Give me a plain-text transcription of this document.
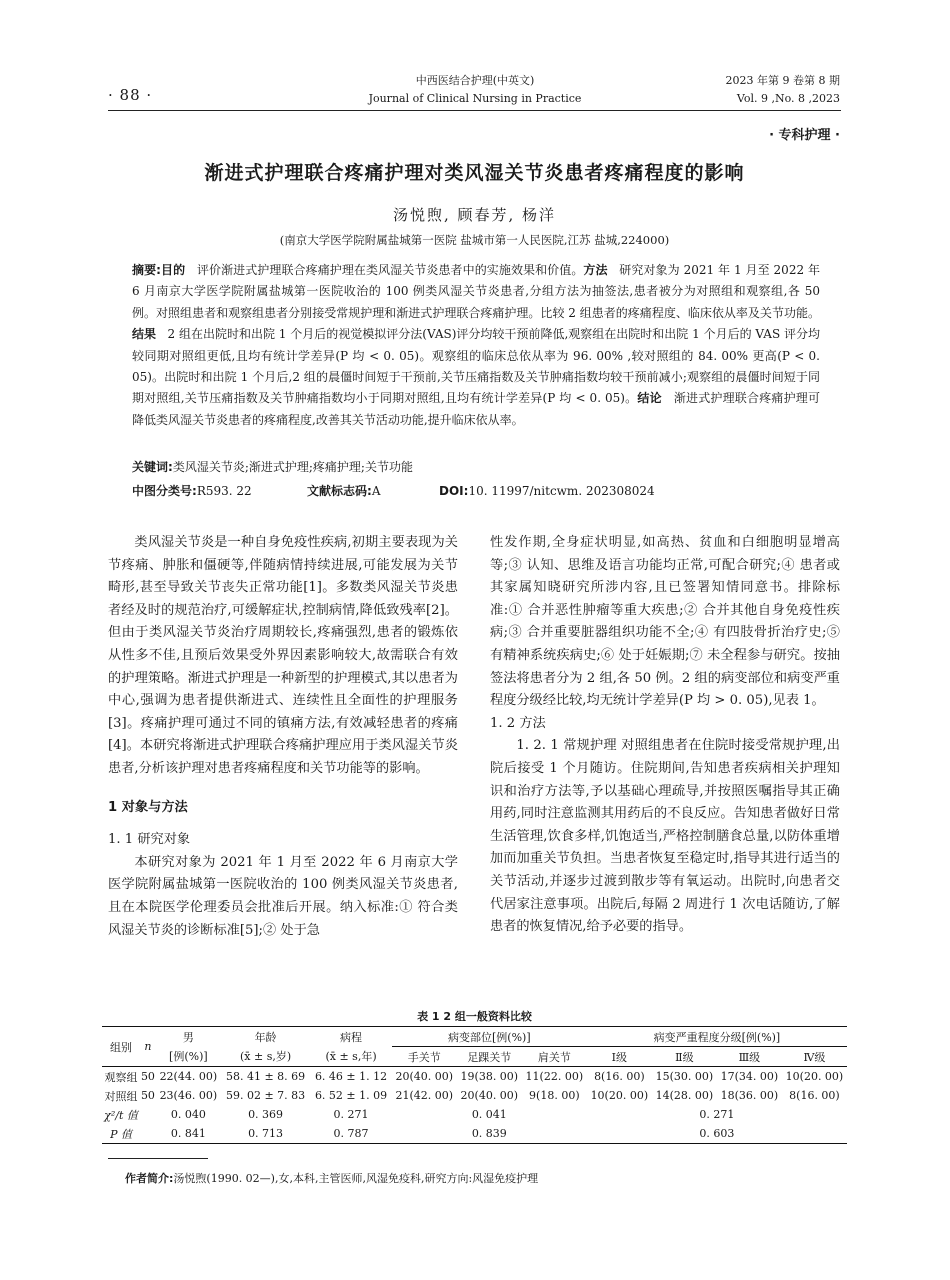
· 88 ·
中西医结合护理(中英文)
Journal of Clinical Nursing in Practice
2023 年第 9 卷第 8 期
Vol. 9 ,No. 8 ,2023
· 专科护理 ·
渐进式护理联合疼痛护理对类风湿关节炎患者疼痛程度的影响
汤悦煦, 顾春芳, 杨洋
(南京大学医学院附属盐城第一医院 盐城市第一人民医院,江苏 盐城,224000)
摘要:目的 评价渐进式护理联合疼痛护理在类风湿关节炎患者中的实施效果和价值。方法 研究对象为 2021 年 1 月至 2022 年 6 月南京大学医学院附属盐城第一医院收治的 100 例类风湿关节炎患者,分组方法为抽签法,患者被分为对照组和观察组,各 50 例。对照组患者和观察组患者分别接受常规护理和渐进式护理联合疼痛护理。比较 2 组患者的疼痛程度、临床依从率及关节功能。结果 2 组在出院时和出院 1 个月后的视觉模拟评分法(VAS)评分均较干预前降低,观察组在出院时和出院 1 个月后的 VAS 评分均较同期对照组更低,且均有统计学差异(P 均 < 0. 05)。观察组的临床总依从率为 96. 00% ,较对照组的 84. 00% 更高(P < 0. 05)。出院时和出院 1 个月后,2 组的晨僵时间短于干预前,关节压痛指数及关节肿痛指数均较干预前减小;观察组的晨僵时间短于同期对照组,关节压痛指数及关节肿痛指数均小于同期对照组,且均有统计学差异(P 均 < 0. 05)。结论 渐进式护理联合疼痛护理可降低类风湿关节炎患者的疼痛程度,改善其关节活动功能,提升临床依从率。
关键词:类风湿关节炎;渐进式护理;疼痛护理;关节功能
中图分类号:R593. 22	文献标志码:A	DOI:10. 11997/nitcwm. 202308024

类风湿关节炎是一种自身免疫性疾病,初期主要表现为关节疼痛、肿胀和僵硬等,伴随病情持续进展,可能发展为关节畸形,甚至导致关节丧失正常功能[1]。多数类风湿关节炎患者经及时的规范治疗,可缓解症状,控制病情,降低致残率[2]。但由于类风湿关节炎治疗周期较长,疼痛强烈,患者的锻炼依从性多不佳,且预后效果受外界因素影响较大,故需联合有效的护理策略。渐进式护理是一种新型的护理模式,其以患者为中心,强调为患者提供渐进式、连续性且全面性的护理服务[3]。疼痛护理可通过不同的镇痛方法,有效减轻患者的疼痛[4]。本研究将渐进式护理联合疼痛护理应用于类风湿关节炎患者,分析该护理对患者疼痛程度和关节功能等的影响。

1 对象与方法

1. 1 研究对象

本研究对象为 2021 年 1 月至 2022 年 6 月南京大学医学院附属盐城第一医院收治的 100 例类风湿关节炎患者,且在本院医学伦理委员会批准后开展。纳入标准:① 符合类风湿关节炎的诊断标准[5];② 处于急

性发作期,全身症状明显,如高热、贫血和白细胞明显增高等;③ 认知、思维及语言功能均正常,可配合研究;④ 患者或其家属知晓研究所涉内容,且已签署知情同意书。排除标准:① 合并恶性肿瘤等重大疾患;② 合并其他自身免疫性疾病;③ 合并重要脏器组织功能不全;④ 有四肢骨折治疗史;⑤ 有精神系统疾病史;⑥ 处于妊娠期;⑦ 未全程参与研究。按抽签法将患者分为 2 组,各 50 例。2 组的病变部位和病变严重程度分级经比较,均无统计学差异(P 均 > 0. 05),见表 1。

1. 2 方法

1. 2. 1 常规护理 对照组患者在住院时接受常规护理,出院后接受 1 个月随访。住院期间,告知患者疾病相关护理知识和治疗方法等,予以基础心理疏导,并按照医嘱指导其正确用药,同时注意监测其用药后的不良反应。告知患者做好日常生活管理,饮食多样,饥饱适当,严格控制膳食总量,以防体重增加而加重关节负担。当患者恢复至稳定时,指导其进行适当的关节活动,并逐步过渡到散步等有氧运动。出院时,向患者交代居家注意事项。出院后,每隔 2 周进行 1 次电话随访,了解患者的恢复情况,给予必要的指导。

表 1 2 组一般资料比较
组别	n	男	年龄	病程	病变部位[例(%)]			病变严重程度分级[例(%)]			
		[例(%)]	(x̄ ± s,岁)	(x̄ ± s,年)	手关节	足踝关节	肩关节	Ⅰ级	Ⅱ级	Ⅲ级	Ⅳ级
观察组	50	22(44. 00)	58. 41 ± 8. 69	6. 46 ± 1. 12	20(40. 00)	19(38. 00)	11(22. 00)	8(16. 00)	15(30. 00)	17(34. 00)	10(20. 00)
对照组	50	23(46. 00)	59. 02 ± 7. 83	6. 52 ± 1. 09	21(42. 00)	20(40. 00)	9(18. 00)	10(20. 00)	14(28. 00)	18(36. 00)	8(16. 00)
χ²/t 值		0. 040	0. 369	0. 271	0. 041			0. 271			
P 值		0. 841	0. 713	0. 787	0. 839			0. 603			
作者简介:汤悦煦(1990. 02—),女,本科,主管医师,风湿免疫科,研究方向:风湿免疫护理
